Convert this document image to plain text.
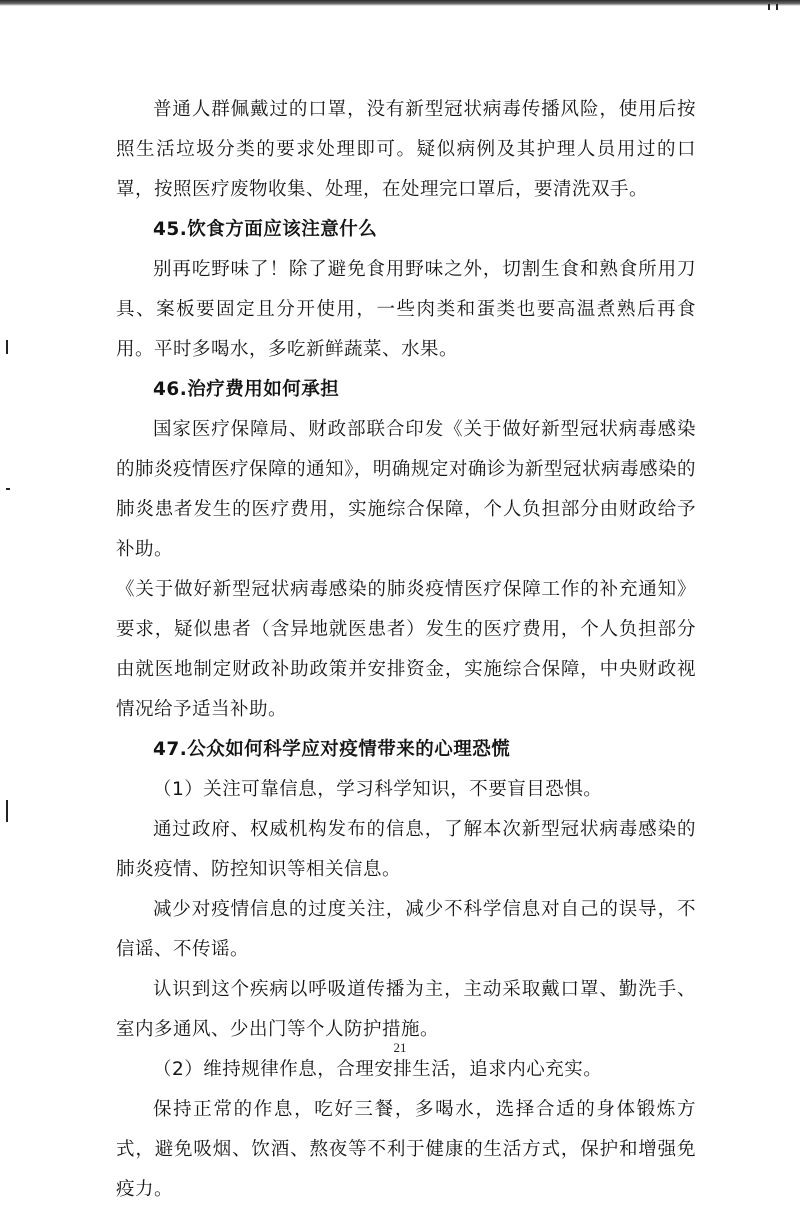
普通人群佩戴过的口罩，没有新型冠状病毒传播风险，使用后按照生活垃圾分类的要求处理即可。疑似病例及其护理人员用过的口罩，按照医疗废物收集、处理，在处理完口罩后，要清洗双手。

45.饮食方面应该注意什么

别再吃野味了！除了避免食用野味之外，切割生食和熟食所用刀具、案板要固定且分开使用，一些肉类和蛋类也要高温煮熟后再食用。平时多喝水，多吃新鲜蔬菜、水果。

46.治疗费用如何承担

国家医疗保障局、财政部联合印发《关于做好新型冠状病毒感染的肺炎疫情医疗保障的通知》，明确规定对确诊为新型冠状病毒感染的肺炎患者发生的医疗费用，实施综合保障，个人负担部分由财政给予补助。

《关于做好新型冠状病毒感染的肺炎疫情医疗保障工作的补充通知》要求，疑似患者（含异地就医患者）发生的医疗费用，个人负担部分由就医地制定财政补助政策并安排资金，实施综合保障，中央财政视情况给予适当补助。

47.公众如何科学应对疫情带来的心理恐慌

（1）关注可靠信息，学习科学知识，不要盲目恐惧。

通过政府、权威机构发布的信息，了解本次新型冠状病毒感染的肺炎疫情、防控知识等相关信息。

减少对疫情信息的过度关注，减少不科学信息对自己的误导，不信谣、不传谣。

认识到这个疾病以呼吸道传播为主，主动采取戴口罩、勤洗手、室内多通风、少出门等个人防护措施。

（2）维持规律作息，合理安排生活，追求内心充实。

保持正常的作息，吃好三餐，多喝水，选择合适的身体锻炼方式，避免吸烟、饮酒、熬夜等不利于健康的生活方式，保护和增强免疫力。

21
